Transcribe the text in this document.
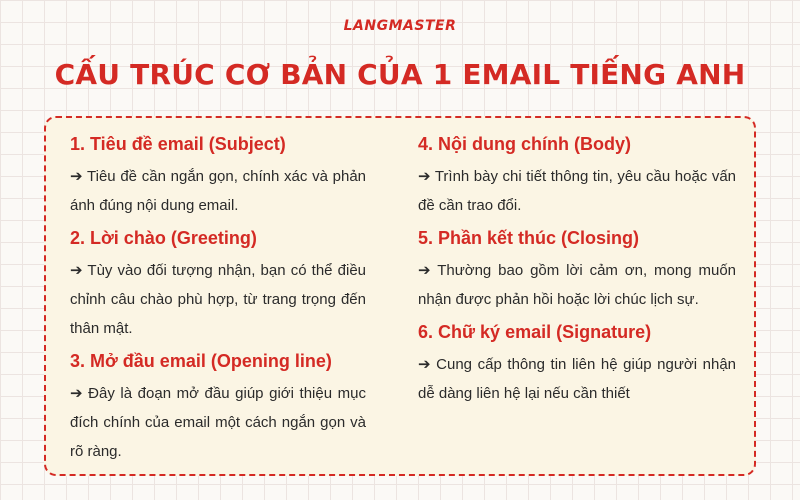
LANGMASTER
CẤU TRÚC CƠ BẢN CỦA 1 EMAIL TIẾNG ANH
1. Tiêu đề email (Subject)
➔ Tiêu đề cần ngắn gọn, chính xác và phản ánh đúng nội dung email.
2. Lời chào (Greeting)
➔ Tùy vào đối tượng nhận, bạn có thể điều chỉnh câu chào phù hợp, từ trang trọng đến thân mật.
3. Mở đầu email (Opening line)
➔ Đây là đoạn mở đầu giúp giới thiệu mục đích chính của email một cách ngắn gọn và rõ ràng.
4. Nội dung chính (Body)
➔ Trình bày chi tiết thông tin, yêu cầu hoặc vấn đề cần trao đổi.
5. Phần kết thúc (Closing)
➔ Thường bao gồm lời cảm ơn, mong muốn nhận được phản hồi hoặc lời chúc lịch sự.
6. Chữ ký email (Signature)
➔ Cung cấp thông tin liên hệ giúp người nhận dễ dàng liên hệ lại nếu cần thiết
